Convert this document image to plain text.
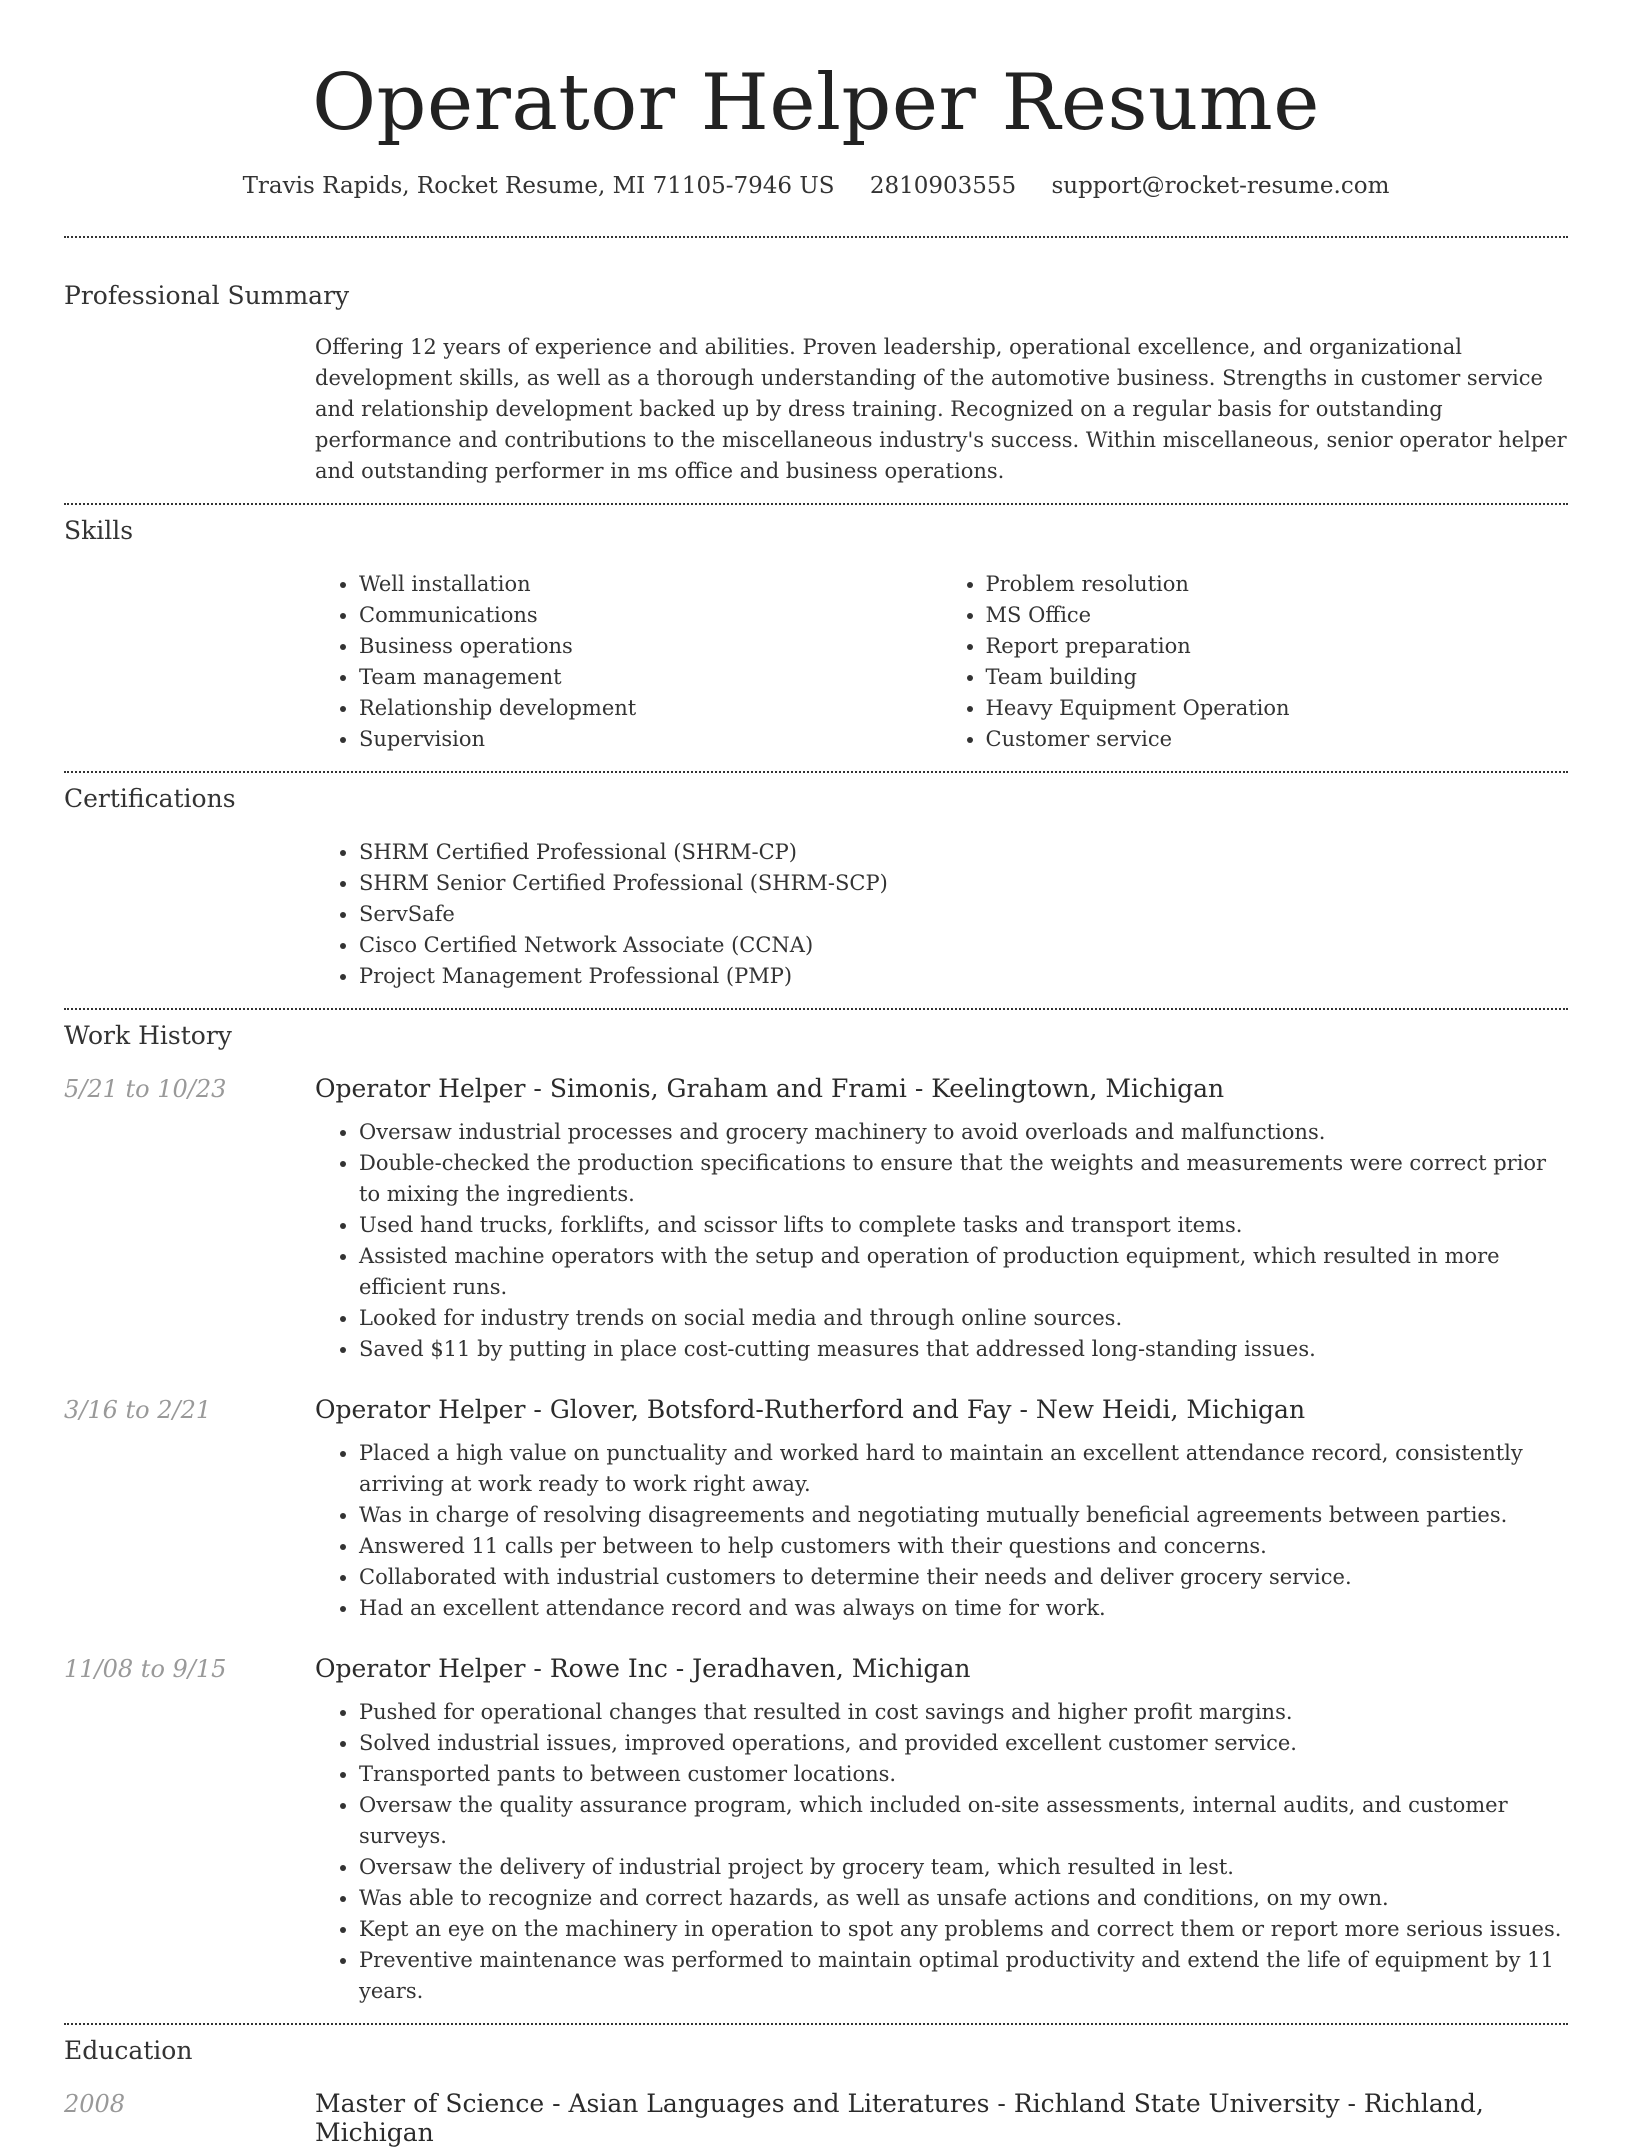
Operator Helper Resume
Travis Rapids, Rocket Resume, MI 71105-7946 US 2810903555 support@rocket-resume.com
Professional Summary
Offering 12 years of experience and abilities. Proven leadership, operational excellence, and organizational development skills, as well as a thorough understanding of the automotive business. Strengths in customer service and relationship development backed up by dress training. Recognized on a regular basis for outstanding performance and contributions to the miscellaneous industry's success. Within miscellaneous, senior operator helper and outstanding performer in ms office and business operations.
Skills
• Well installation
• Communications
• Business operations
• Team management
• Relationship development
• Supervision
• Problem resolution
• MS Office
• Report preparation
• Team building
• Heavy Equipment Operation
• Customer service
Certifications
• SHRM Certified Professional (SHRM-CP)
• SHRM Senior Certified Professional (SHRM-SCP)
• ServSafe
• Cisco Certified Network Associate (CCNA)
• Project Management Professional (PMP)
Work History
5/21 to 10/23	Operator Helper - Simonis, Graham and Frami - Keelingtown, Michigan
• Oversaw industrial processes and grocery machinery to avoid overloads and malfunctions.
• Double-checked the production specifications to ensure that the weights and measurements were correct prior to mixing the ingredients.
• Used hand trucks, forklifts, and scissor lifts to complete tasks and transport items.
• Assisted machine operators with the setup and operation of production equipment, which resulted in more efficient runs.
• Looked for industry trends on social media and through online sources.
• Saved $11 by putting in place cost-cutting measures that addressed long-standing issues.
3/16 to 2/21	Operator Helper - Glover, Botsford-Rutherford and Fay - New Heidi, Michigan
• Placed a high value on punctuality and worked hard to maintain an excellent attendance record, consistently arriving at work ready to work right away.
• Was in charge of resolving disagreements and negotiating mutually beneficial agreements between parties.
• Answered 11 calls per between to help customers with their questions and concerns.
• Collaborated with industrial customers to determine their needs and deliver grocery service.
• Had an excellent attendance record and was always on time for work.
11/08 to 9/15	Operator Helper - Rowe Inc - Jeradhaven, Michigan
• Pushed for operational changes that resulted in cost savings and higher profit margins.
• Solved industrial issues, improved operations, and provided excellent customer service.
• Transported pants to between customer locations.
• Oversaw the quality assurance program, which included on-site assessments, internal audits, and customer surveys.
• Oversaw the delivery of industrial project by grocery team, which resulted in lest.
• Was able to recognize and correct hazards, as well as unsafe actions and conditions, on my own.
• Kept an eye on the machinery in operation to spot any problems and correct them or report more serious issues.
• Preventive maintenance was performed to maintain optimal productivity and extend the life of equipment by 11 years.
Education
2008	Master of Science - Asian Languages and Literatures - Richland State University - Richland, Michigan
